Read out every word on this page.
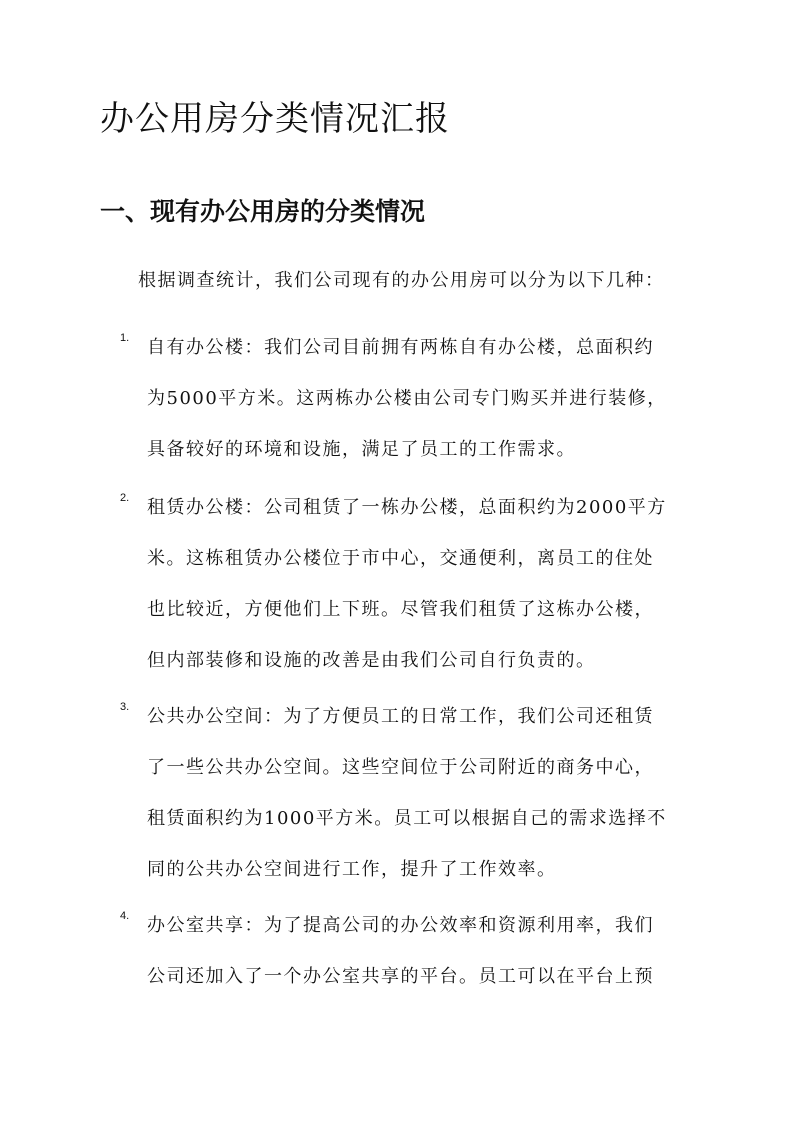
办公用房分类情况汇报
一、现有办公用房的分类情况

根据调查统计，我们公司现有的办公用房可以分为以下几种：

1. 自有办公楼：我们公司目前拥有两栋自有办公楼，总面积约
为5000平方米。这两栋办公楼由公司专门购买并进行装修，
具备较好的环境和设施，满足了员工的工作需求。

2. 租赁办公楼：公司租赁了一栋办公楼，总面积约为2000平方
米。这栋租赁办公楼位于市中心，交通便利，离员工的住处
也比较近，方便他们上下班。尽管我们租赁了这栋办公楼，
但内部装修和设施的改善是由我们公司自行负责的。

3. 公共办公空间：为了方便员工的日常工作，我们公司还租赁
了一些公共办公空间。这些空间位于公司附近的商务中心，
租赁面积约为1000平方米。员工可以根据自己的需求选择不
同的公共办公空间进行工作，提升了工作效率。

4. 办公室共享：为了提高公司的办公效率和资源利用率，我们
公司还加入了一个办公室共享的平台。员工可以在平台上预
